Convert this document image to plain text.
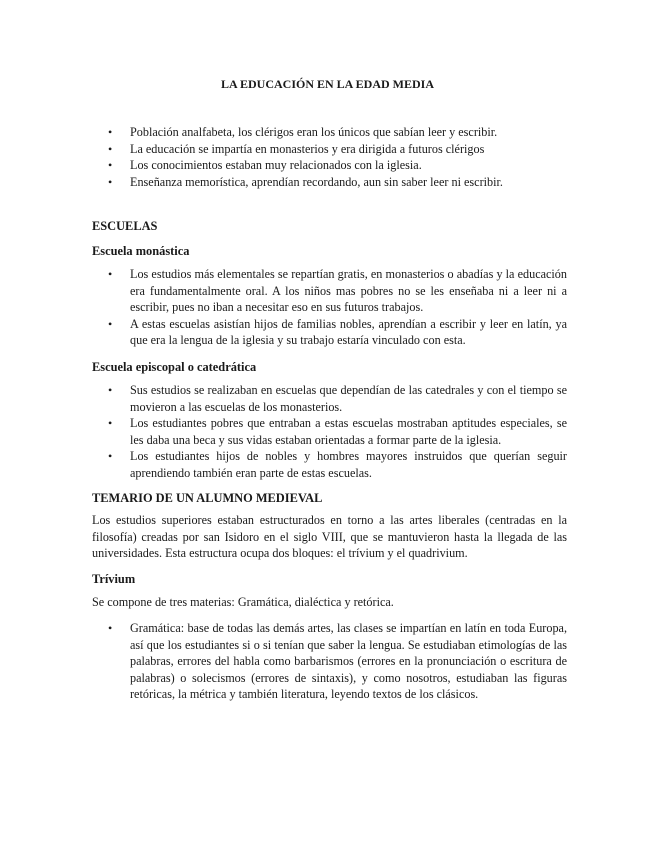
LA EDUCACIÓN EN LA EDAD MEDIA
• Población analfabeta, los clérigos eran los únicos que sabían leer y escribir.
• La educación se impartía en monasterios y era dirigida a futuros clérigos
• Los conocimientos estaban muy relacionados con la iglesia.
• Enseñanza memorística, aprendían recordando, aun sin saber leer ni escribir.
ESCUELAS
Escuela monástica
• Los estudios más elementales se repartían gratis, en monasterios o abadías y la educación era fundamentalmente oral. A los niños mas pobres no se les enseñaba ni a leer ni a escribir, pues no iban a necesitar eso en sus futuros trabajos.
• A estas escuelas asistían hijos de familias nobles, aprendían a escribir y leer en latín, ya que era la lengua de la iglesia y su trabajo estaría vinculado con esta.
Escuela episcopal o catedrática
• Sus estudios se realizaban en escuelas que dependían de las catedrales y con el tiempo se movieron a las escuelas de los monasterios.
• Los estudiantes pobres que entraban a estas escuelas mostraban aptitudes especiales, se les daba una beca y sus vidas estaban orientadas a formar parte de la iglesia.
• Los estudiantes hijos de nobles y hombres mayores instruidos que querían seguir aprendiendo también eran parte de estas escuelas.
TEMARIO DE UN ALUMNO MEDIEVAL
Los estudios superiores estaban estructurados en torno a las artes liberales (centradas en la filosofía) creadas por san Isidoro en el siglo VIII, que se mantuvieron hasta la llegada de las universidades. Esta estructura ocupa dos bloques: el trívium y el quadrivium.
Trívium
Se compone de tres materias: Gramática, dialéctica y retórica.
• Gramática: base de todas las demás artes, las clases se impartían en latín en toda Europa, así que los estudiantes si o si tenían que saber la lengua. Se estudiaban etimologías de las palabras, errores del habla como barbarismos (errores en la pronunciación o escritura de palabras) o solecismos (errores de sintaxis), y como nosotros, estudiaban las figuras retóricas, la métrica y también literatura, leyendo textos de los clásicos.
